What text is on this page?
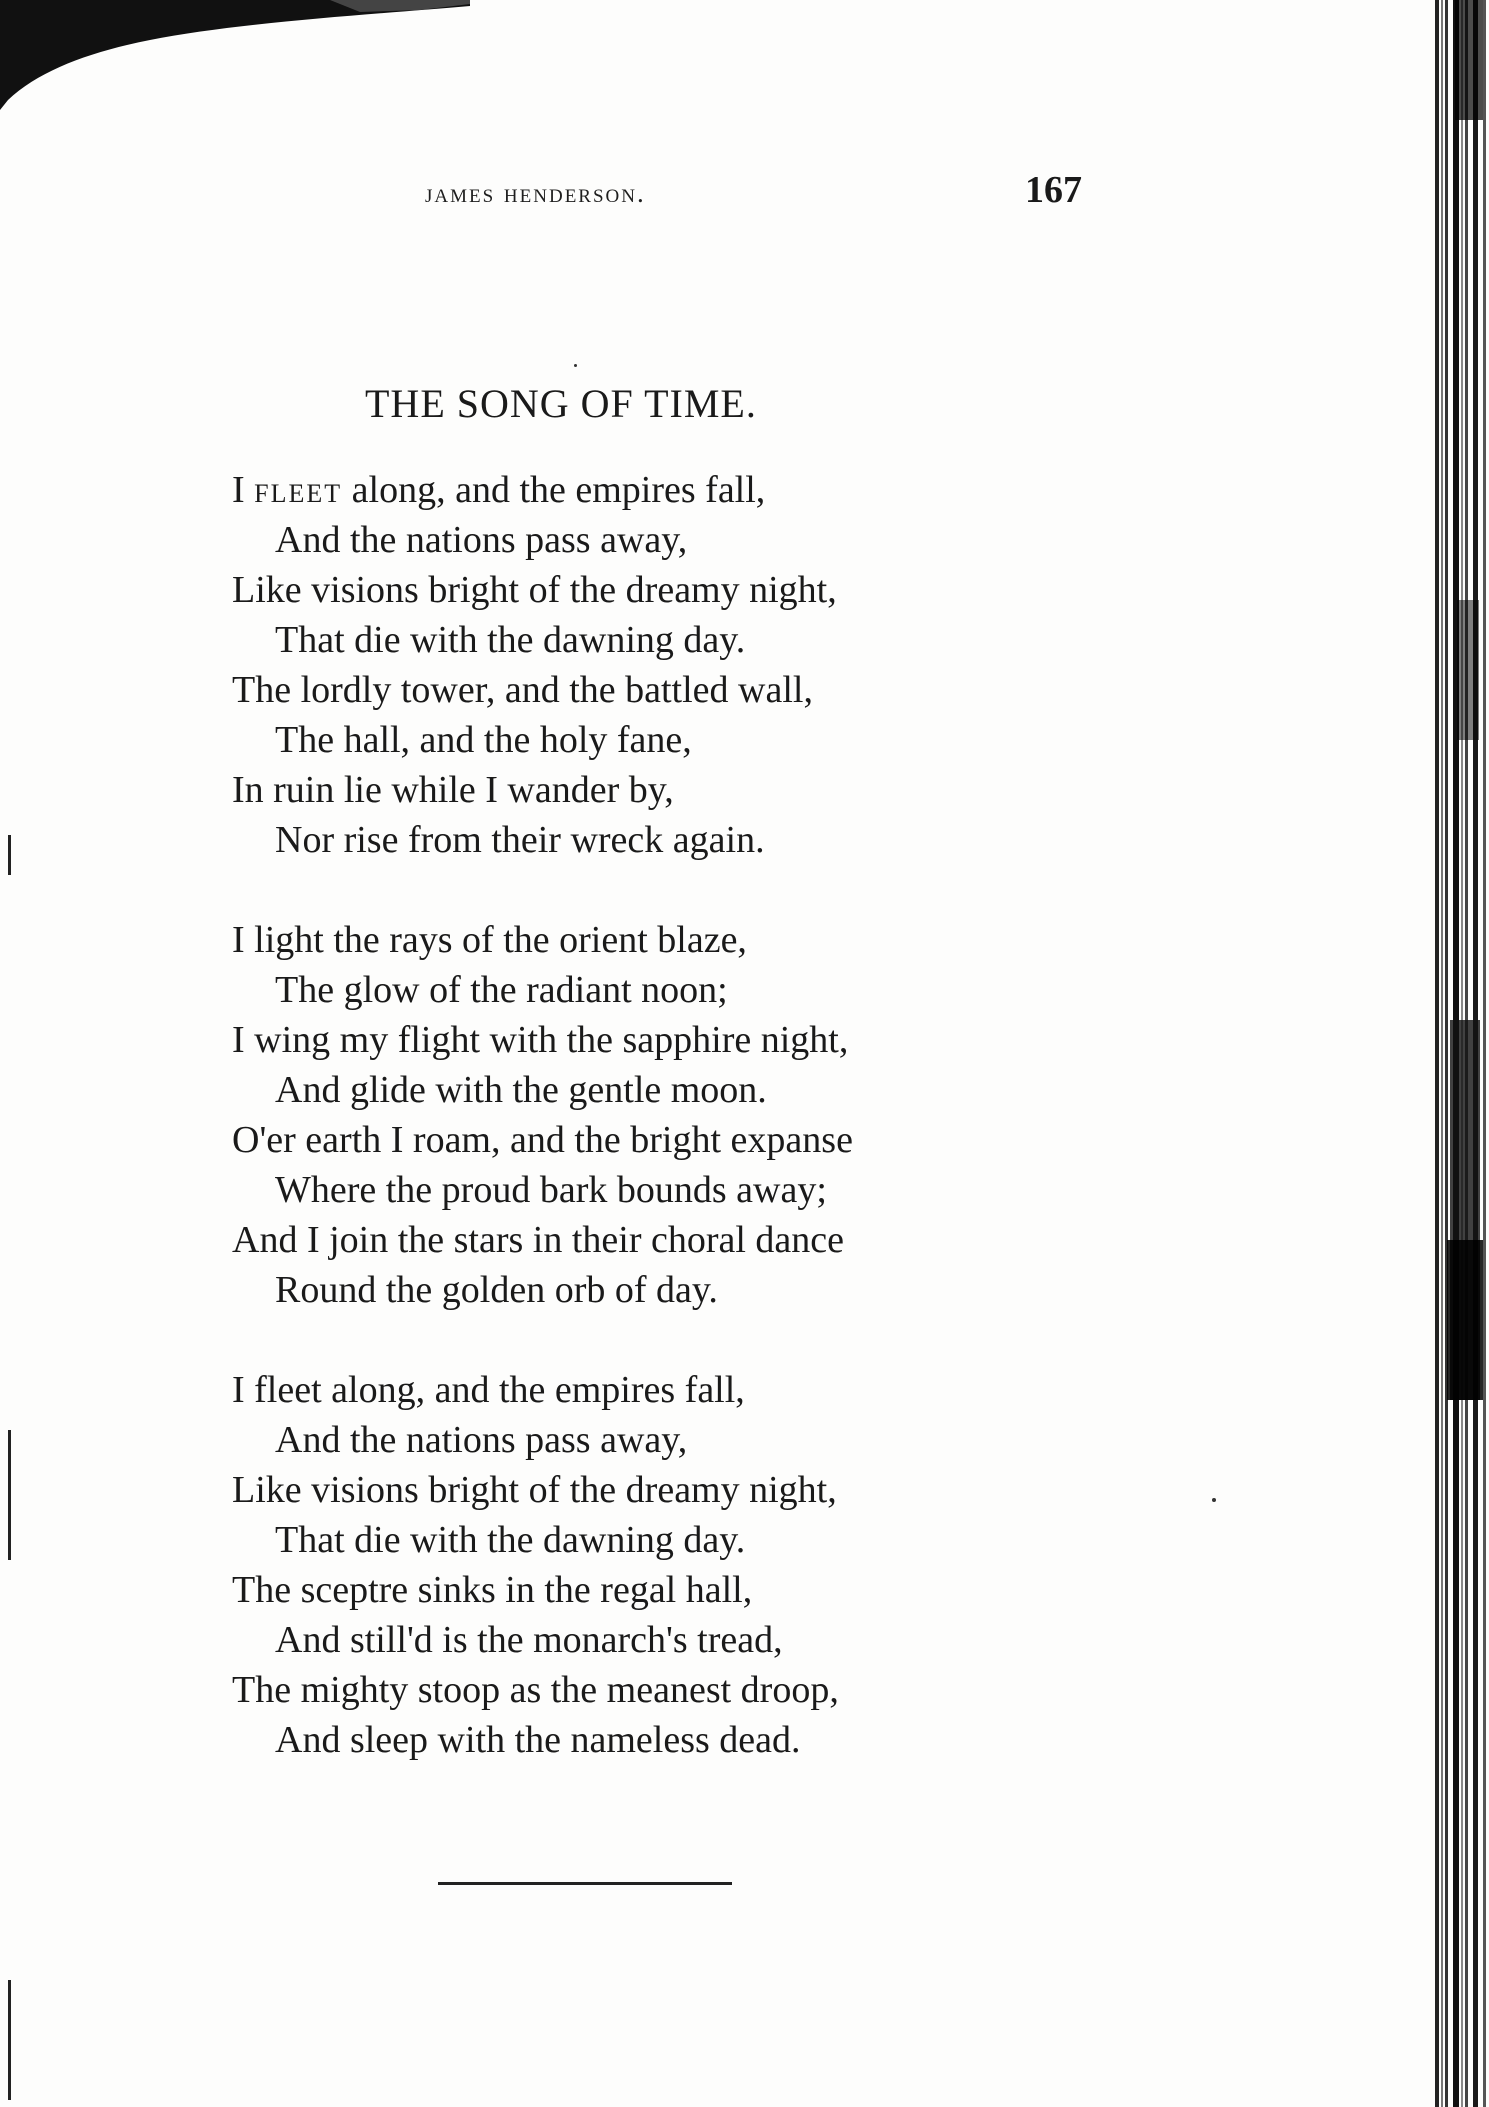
james henderson.	167
THE SONG OF TIME.
I FLEET along, and the empires fall,
And the nations pass away,
Like visions bright of the dreamy night,
That die with the dawning day.
The lordly tower, and the battled wall,
The hall, and the holy fane,
In ruin lie while I wander by,
Nor rise from their wreck again.
I light the rays of the orient blaze,
The glow of the radiant noon;
I wing my flight with the sapphire night,
And glide with the gentle moon.
O'er earth I roam, and the bright expanse
Where the proud bark bounds away;
And I join the stars in their choral dance
Round the golden orb of day.
I fleet along, and the empires fall,
And the nations pass away,
Like visions bright of the dreamy night,
That die with the dawning day.
The sceptre sinks in the regal hall,
And still'd is the monarch's tread,
The mighty stoop as the meanest droop,
And sleep with the nameless dead.
